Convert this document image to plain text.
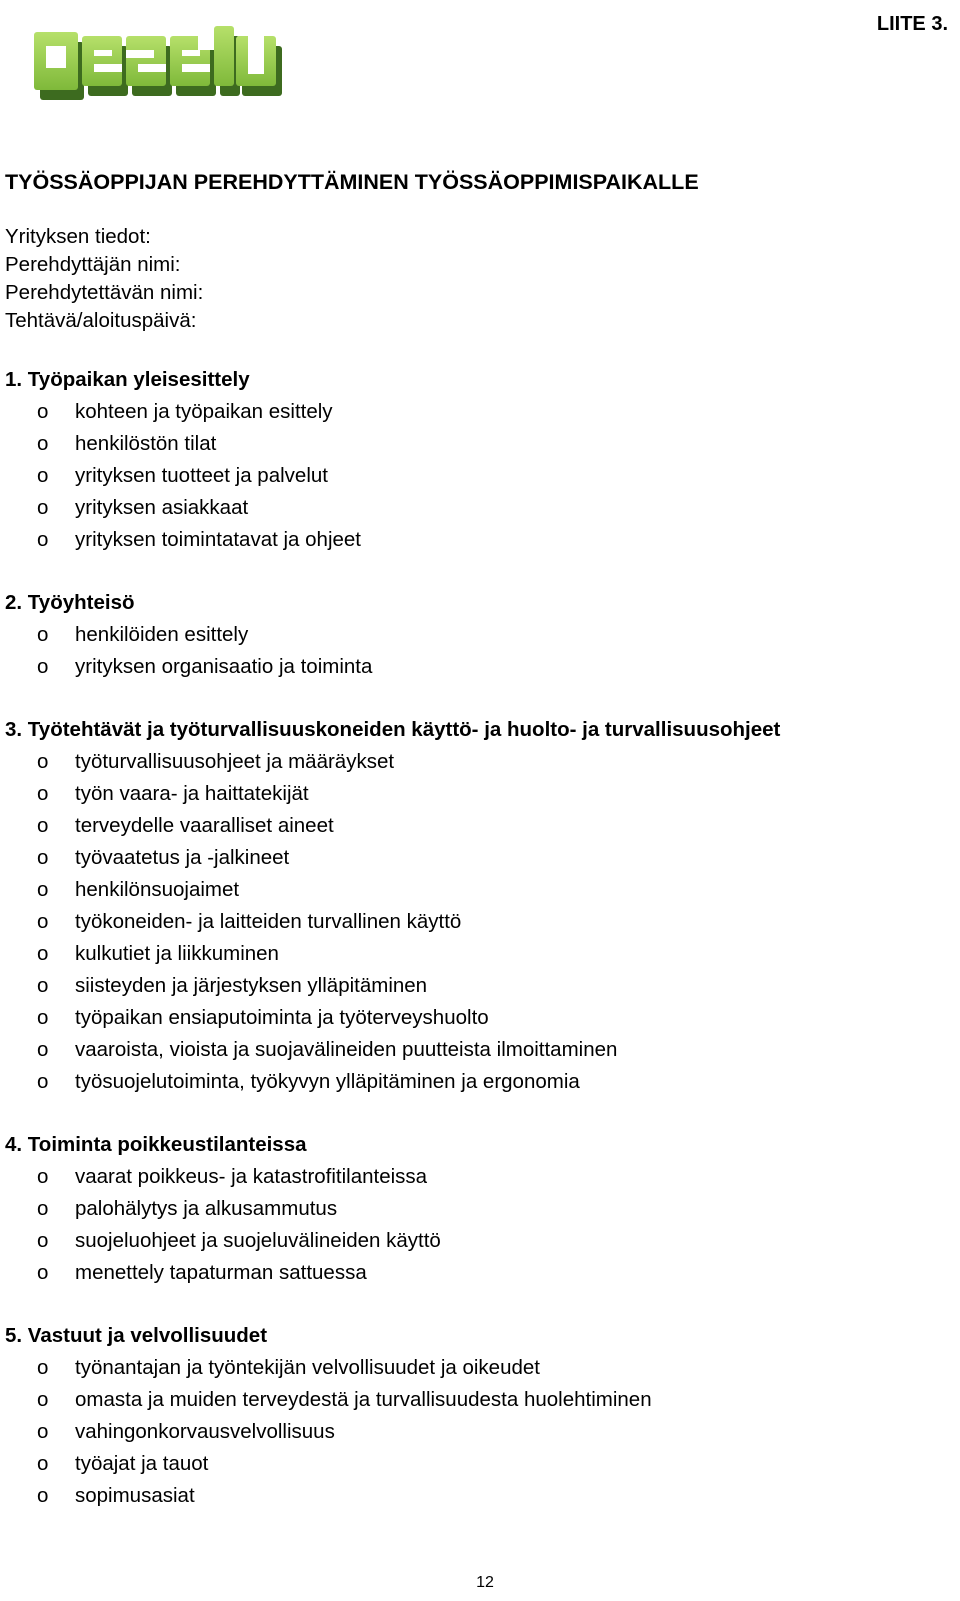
LIITE 3.
TYÖSSÄOPPIJAN PEREHDYTTÄMINEN TYÖSSÄOPPIMISPAIKALLE
Yrityksen tiedot:
Perehdyttäjän nimi:
Perehdytettävän nimi:
Tehtävä/aloituspäivä:
1. Työpaikan yleisesittely
o kohteen ja työpaikan esittely
o henkilöstön tilat
o yrityksen tuotteet ja palvelut
o yrityksen asiakkaat
o yrityksen toimintatavat ja ohjeet
2. Työyhteisö
o henkilöiden esittely
o yrityksen organisaatio ja toiminta
3. Työtehtävät ja työturvallisuuskoneiden käyttö- ja huolto- ja turvallisuusohjeet
o työturvallisuusohjeet ja määräykset
o työn vaara- ja haittatekijät
o terveydelle vaaralliset aineet
o työvaatetus ja -jalkineet
o henkilönsuojaimet
o työkoneiden- ja laitteiden turvallinen käyttö
o kulkutiet ja liikkuminen
o siisteyden ja järjestyksen ylläpitäminen
o työpaikan ensiaputoiminta ja työterveyshuolto
o vaaroista, vioista ja suojavälineiden puutteista ilmoittaminen
o työsuojelutoiminta, työkyvyn ylläpitäminen ja ergonomia
4. Toiminta poikkeustilanteissa
o vaarat poikkeus- ja katastrofitilanteissa
o palohälytys ja alkusammutus
o suojeluohjeet ja suojeluvälineiden käyttö
o menettely tapaturman sattuessa
5. Vastuut ja velvollisuudet
o työnantajan ja työntekijän velvollisuudet ja oikeudet
o omasta ja muiden terveydestä ja turvallisuudesta huolehtiminen
o vahingonkorvausvelvollisuus
o työajat ja tauot
o sopimusasiat
12
